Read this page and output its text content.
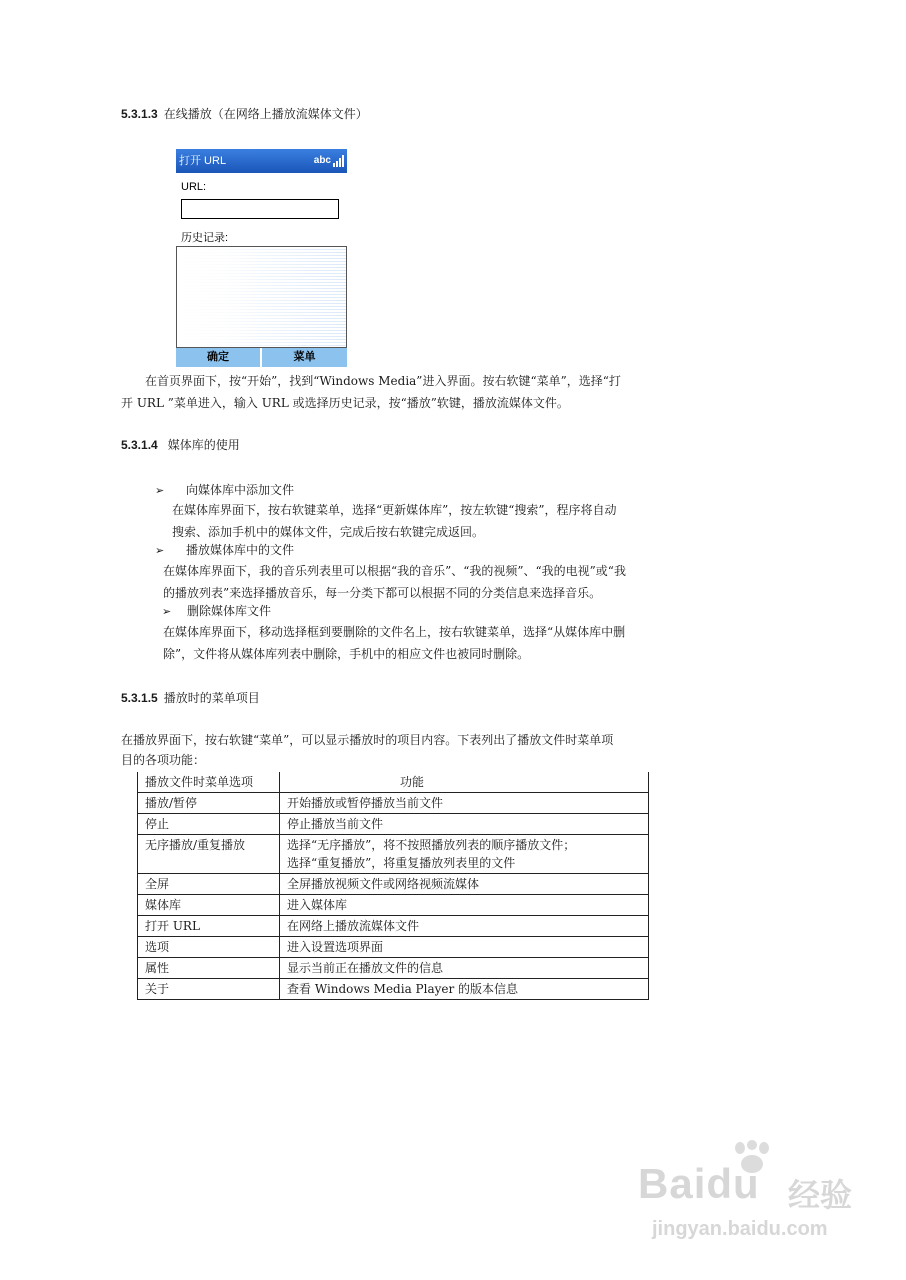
5.3.1.3 在线播放（在网络上播放流媒体文件）
打开 URL	abc
URL:
历史记录:
确定	菜单
在首页界面下，按“开始”，找到“Windows Media”进入界面。按右软键“菜单”，选择“打
开 URL ”菜单进入，输入 URL 或选择历史记录，按“播放”软键，播放流媒体文件。
5.3.1.4 媒体库的使用
➢ 向媒体库中添加文件
在媒体库界面下，按右软键菜单，选择“更新媒体库”，按左软键“搜索”，程序将自动
搜索、添加手机中的媒体文件，完成后按右软键完成返回。
➢ 播放媒体库中的文件
在媒体库界面下，我的音乐列表里可以根据“我的音乐”、“我的视频”、“我的电视”或“我
的播放列表”来选择播放音乐，每一分类下都可以根据不同的分类信息来选择音乐。
➢ 删除媒体库文件
在媒体库界面下，移动选择框到要删除的文件名上，按右软键菜单，选择“从媒体库中删
除”，文件将从媒体库列表中删除，手机中的相应文件也被同时删除。
5.3.1.5 播放时的菜单项目
在播放界面下，按右软键“菜单”，可以显示播放时的项目内容。下表列出了播放文件时菜单项
目的各项功能：
播放文件时菜单选项	功能
播放/暂停	开始播放或暂停播放当前文件
停止	停止播放当前文件
无序播放/重复播放	选择“无序播放”，将不按照播放列表的顺序播放文件；
选择“重复播放”，将重复播放列表里的文件

全屏	全屏播放视频文件或网络视频流媒体
媒体库	进入媒体库
打开 URL	在网络上播放流媒体文件
选项	进入设置选项界面
属性	显示当前正在播放文件的信息
关于	查看 Windows Media Player 的版本信息
Baidu 经验
jingyan.baidu.com
